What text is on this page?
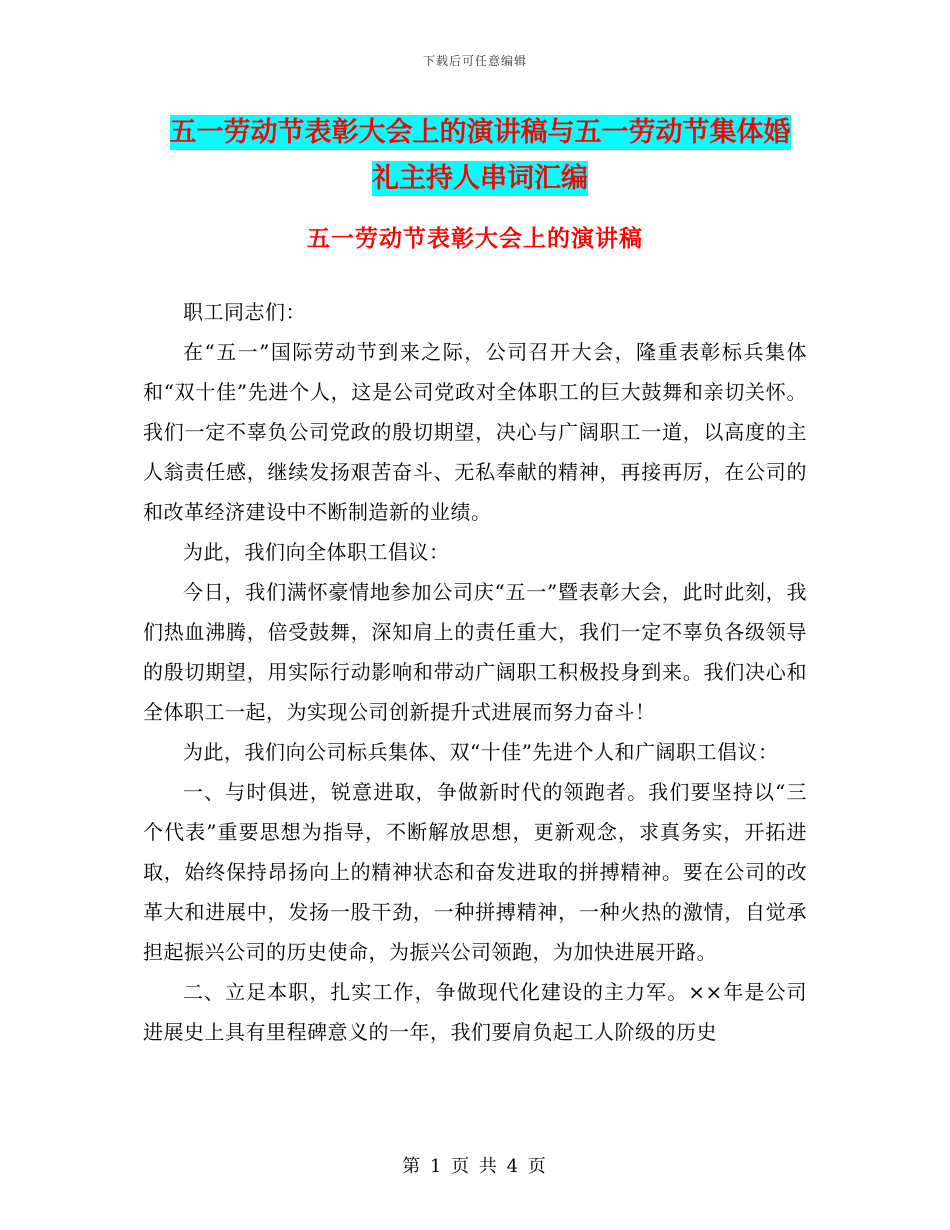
下载后可任意编辑
五一劳动节表彰大会上的演讲稿与五一劳动节集体婚
礼主持人串词汇编
五一劳动节表彰大会上的演讲稿

职工同志们：

在“五一”国际劳动节到来之际，公司召开大会，隆重表彰标兵集体和“双十佳”先进个人，这是公司党政对全体职工的巨大鼓舞和亲切关怀。我们一定不辜负公司党政的殷切期望，决心与广阔职工一道，以高度的主人翁责任感，继续发扬艰苦奋斗、无私奉献的精神，再接再厉，在公司的和改革经济建设中不断制造新的业绩。

为此，我们向全体职工倡议：

今日，我们满怀豪情地参加公司庆“五一”暨表彰大会，此时此刻，我们热血沸腾，倍受鼓舞，深知肩上的责任重大，我们一定不辜负各级领导的殷切期望，用实际行动影响和带动广阔职工积极投身到来。我们决心和全体职工一起，为实现公司创新提升式进展而努力奋斗！

为此，我们向公司标兵集体、双“十佳”先进个人和广阔职工倡议：

一、与时俱进，锐意进取，争做新时代的领跑者。我们要坚持以“三个代表”重要思想为指导，不断解放思想，更新观念，求真务实，开拓进取，始终保持昂扬向上的精神状态和奋发进取的拼搏精神。要在公司的改革大和进展中，发扬一股干劲，一种拼搏精神，一种火热的激情，自觉承担起振兴公司的历史使命，为振兴公司领跑，为加快进展开路。

二、立足本职，扎实工作，争做现代化建设的主力军。××年是公司进展史上具有里程碑意义的一年，我们要肩负起工人阶级的历史

第 1 页 共 4 页
